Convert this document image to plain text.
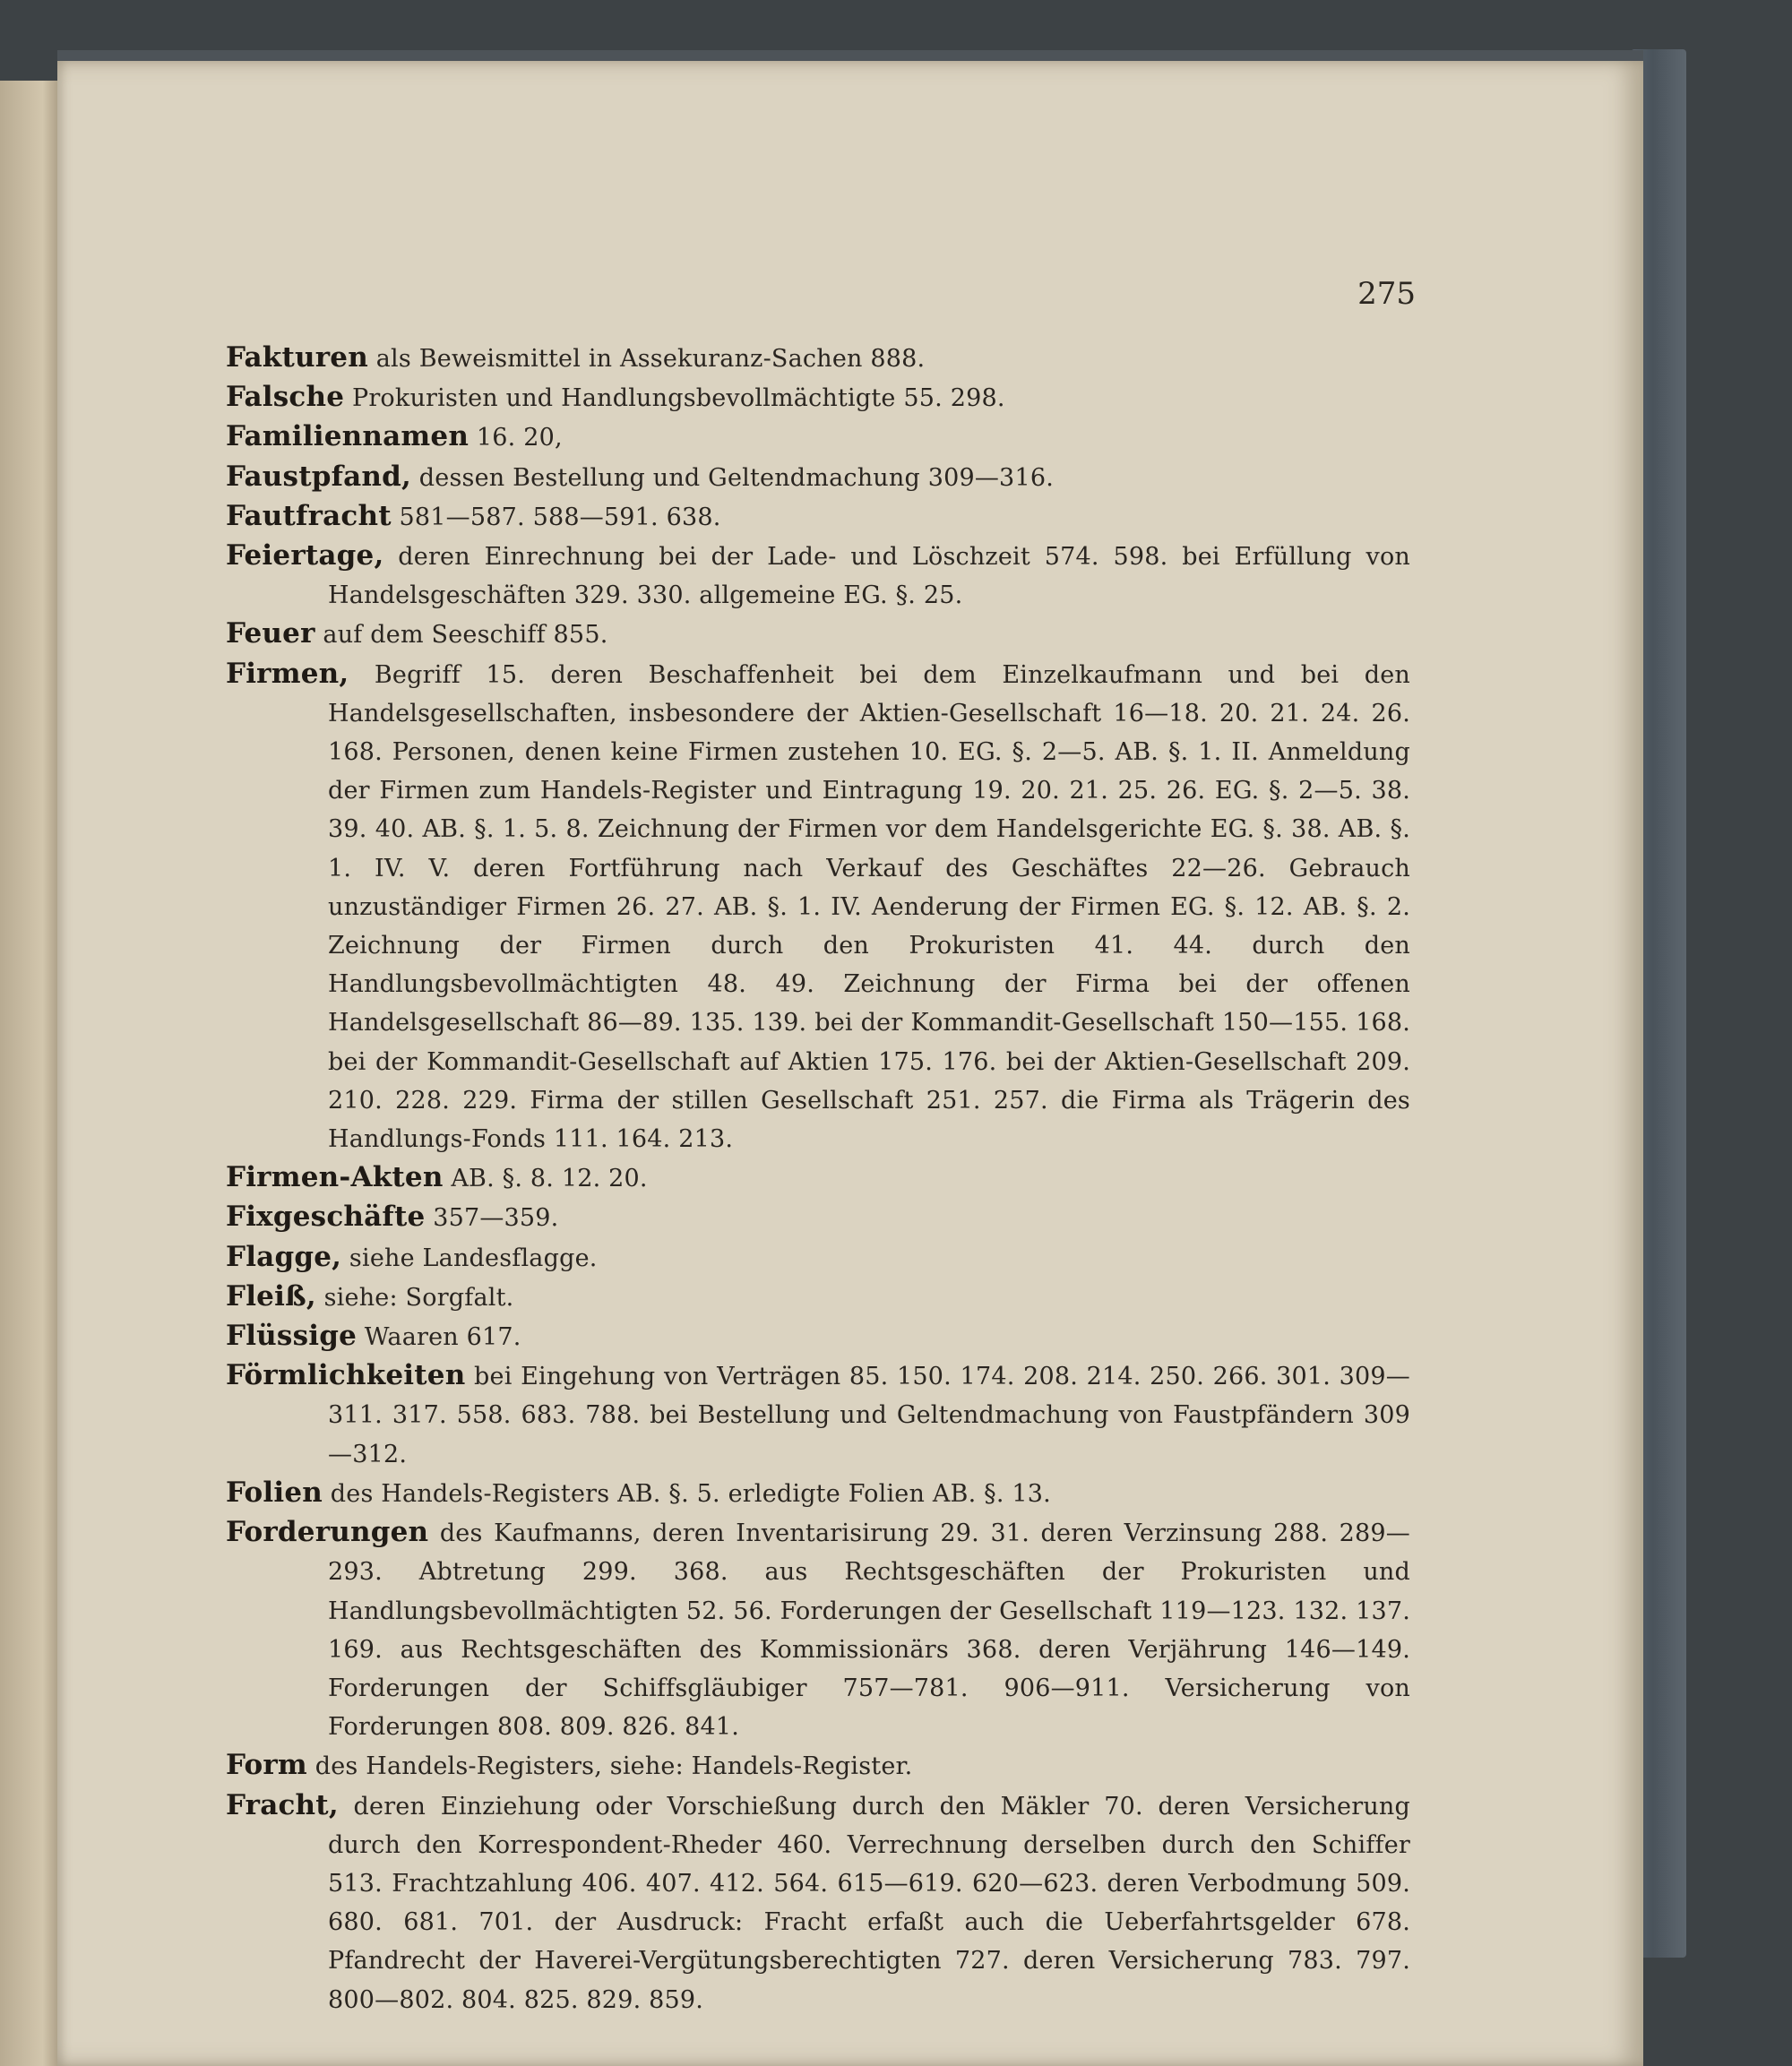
275
Fakturen als Beweismittel in Assekuranz-Sachen 888.
Falsche Prokuristen und Handlungsbevollmächtigte 55. 298.
Familiennamen 16. 20,
Faustpfand, dessen Bestellung und Geltendmachung 309—316.
Fautfracht 581—587. 588—591. 638.
Feiertage, deren Einrechnung bei der Lade- und Löschzeit 574. 598. bei Erfüllung von Handelsgeschäften 329. 330. allgemeine EG. §. 25.
Feuer auf dem Seeschiff 855.
Firmen, Begriff 15. deren Beschaffenheit bei dem Einzelkaufmann und bei den Handelsgesellschaften, insbesondere der Aktien-Gesellschaft 16—18. 20. 21. 24. 26. 168. Personen, denen keine Firmen zustehen 10. EG. §. 2—5. AB. §. 1. II. Anmeldung der Firmen zum Handels-Register und Eintragung 19. 20. 21. 25. 26. EG. §. 2—5. 38. 39. 40. AB. §. 1. 5. 8. Zeichnung der Firmen vor dem Handelsgerichte EG. §. 38. AB. §. 1. IV. V. deren Fortführung nach Verkauf des Geschäftes 22—26. Gebrauch unzuständiger Firmen 26. 27. AB. §. 1. IV. Aenderung der Firmen EG. §. 12. AB. §. 2. Zeichnung der Firmen durch den Prokuristen 41. 44. durch den Handlungsbevollmächtigten 48. 49. Zeichnung der Firma bei der offenen Handelsgesellschaft 86—89. 135. 139. bei der Kommandit-Gesellschaft 150—155. 168. bei der Kommandit-Gesellschaft auf Aktien 175. 176. bei der Aktien-Gesellschaft 209. 210. 228. 229. Firma der stillen Gesellschaft 251. 257. die Firma als Trägerin des Handlungs-Fonds 111. 164. 213.
Firmen-Akten AB. §. 8. 12. 20.
Fixgeschäfte 357—359.
Flagge, siehe Landesflagge.
Fleiß, siehe: Sorgfalt.
Flüssige Waaren 617.
Förmlichkeiten bei Eingehung von Verträgen 85. 150. 174. 208. 214. 250. 266. 301. 309—311. 317. 558. 683. 788. bei Bestellung und Geltendmachung von Faustpfändern 309—312.
Folien des Handels-Registers AB. §. 5. erledigte Folien AB. §. 13.
Forderungen des Kaufmanns, deren Inventarisirung 29. 31. deren Verzinsung 288. 289—293. Abtretung 299. 368. aus Rechtsgeschäften der Prokuristen und Handlungsbevollmächtigten 52. 56. Forderungen der Gesellschaft 119—123. 132. 137. 169. aus Rechtsgeschäften des Kommissionärs 368. deren Verjährung 146—149. Forderungen der Schiffsgläubiger 757—781. 906—911. Versicherung von Forderungen 808. 809. 826. 841.
Form des Handels-Registers, siehe: Handels-Register.
Fracht, deren Einziehung oder Vorschießung durch den Mäkler 70. deren Versicherung durch den Korrespondent-Rheder 460. Verrechnung derselben durch den Schiffer 513. Frachtzahlung 406. 407. 412. 564. 615—619. 620—623. deren Verbodmung 509. 680. 681. 701. der Ausdruck: Fracht erfaßt auch die Ueberfahrtsgelder 678. Pfandrecht der Haverei-Vergütungsberechtigten 727. deren Versicherung 783. 797. 800—802. 804. 825. 829. 859.
